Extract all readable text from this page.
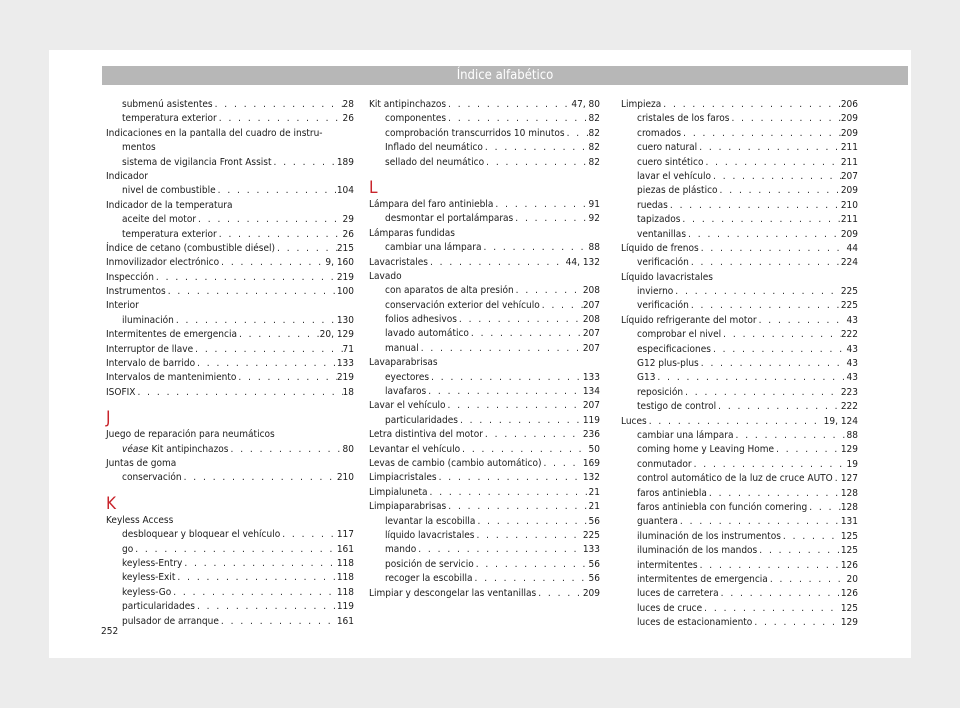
Índice alfabético
submenú asistentes . . .	28
temperatura exterior . . .	26
Indicaciones en la pantalla del cuadro de instru-
mentos
sistema de vigilancia Front Assist . . .	189
Indicador
nivel de combustible . . .	104
Indicador de la temperatura
aceite del motor . . .	29
temperatura exterior . . .	26
Índice de cetano (combustible diésel) . . .	215
Inmovilizador electrónico . . .	9, 160
Inspección . . .	219
Instrumentos . . .	100
Interior
iluminación . . .	130
Intermitentes de emergencia . . .	20, 129
Interruptor de llave . . .	71
Intervalo de barrido . . .	133
Intervalos de mantenimiento . . .	219
ISOFIX . . .	18
J
Juego de reparación para neumáticos
véase Kit antipinchazos . . .	80
Juntas de goma
conservación . . .	210
K
Keyless Access
desbloquear y bloquear el vehículo . . .	117
go . . .	161
keyless-Entry . . .	118
keyless-Exit . . .	118
keyless-Go . . .	118
particularidades . . .	119
pulsador de arranque . . .	161
Kit antipinchazos . . .	47, 80
componentes . . .	82
comprobación transcurridos 10 minutos . . . 82
Inflado del neumático . . .	82
sellado del neumático . . .	82
L
Lámpara del faro antiniebla . . .	91
desmontar el portalámparas . . .	92
Lámparas fundidas
cambiar una lámpara . . .	88
Lavacristales . . .	44, 132
Lavado
con aparatos de alta presión . . .	208
conservación exterior del vehículo . . .	207
folios adhesivos . . .	208
lavado automático . . .	207
manual . . .	207
Lavaparabrisas
eyectores . . .	133
lavafaros . . .	134
Lavar el vehículo . . .	207
particularidades . . .	119
Letra distintiva del motor . . .	236
Levantar el vehículo . . .	50
Levas de cambio (cambio automático) . . .	169
Limpiacristales . . .	132
Limpialuneta . . .	21
Limpiaparabrisas . . .	21
levantar la escobilla . . .	56
líquido lavacristales . . .	225
mando . . .	133
posición de servicio . . .	56
recoger la escobilla . . .	56
Limpiar y descongelar las ventanillas . . .	209
Limpieza . . .	206
cristales de los faros . . .	209
cromados . . .	209
cuero natural . . .	211
cuero sintético . . .	211
lavar el vehículo . . .	207
piezas de plástico . . .	209
ruedas . . .	210
tapizados . . .	211
ventanillas . . .	209
Líquido de frenos . . .	44
verificación . . .	224
Líquido lavacristales
invierno . . .	225
verificación . . .	225
Líquido refrigerante del motor . . .	43
comprobar el nivel . . .	222
especificaciones . . .	43
G12 plus-plus . . .	43
G13 . . .	43
reposición . . .	223
testigo de control . . .	222
Luces . . .	19, 124
cambiar una lámpara . . .	88
coming home y Leaving Home . . .	129
conmutador . . .	19
control automático de la luz de cruce AUTO . . . 127
faros antiniebla . . .	128
faros antiniebla con función comering . . .	128
guantera . . .	131
iluminación de los instrumentos . . .	125
iluminación de los mandos . . .	125
intermitentes . . .	126
intermitentes de emergencia . . .	20
luces de carretera . . .	126
luces de cruce . . .	125
luces de estacionamiento . . .	129
252
